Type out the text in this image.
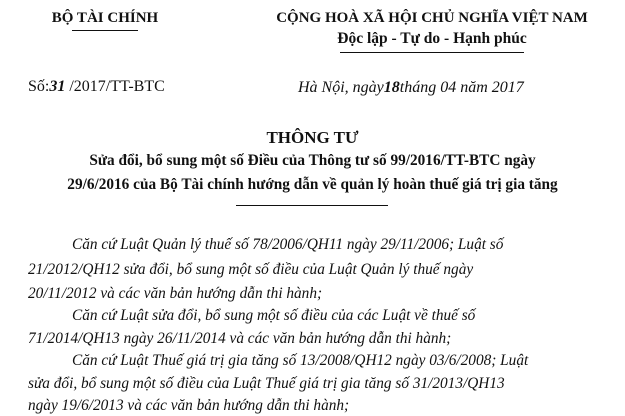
BỘ TÀI CHÍNH	CỘNG HOÀ XÃ HỘI CHỦ NGHĨA VIỆT NAM
Độc lập - Tự do - Hạnh phúc
Số:31 /2017/TT-BTC	Hà Nội, ngày18tháng 04 năm 2017
THÔNG TƯ
Sửa đổi, bổ sung một số Điều của Thông tư số 99/2016/TT-BTC ngày
29/6/2016 của Bộ Tài chính hướng dẫn về quản lý hoàn thuế giá trị gia tăng
Căn cứ Luật Quản lý thuế số 78/2006/QH11 ngày 29/11/2006; Luật số
21/2012/QH12 sửa đổi, bổ sung một số điều của Luật Quản lý thuế ngày
20/11/2012 và các văn bản hướng dẫn thi hành;
Căn cứ Luật sửa đổi, bổ sung một số điều của các Luật về thuế số
71/2014/QH13 ngày 26/11/2014 và các văn bản hướng dẫn thi hành;
Căn cứ Luật Thuế giá trị gia tăng số 13/2008/QH12 ngày 03/6/2008; Luật
sửa đổi, bổ sung một số điều của Luật Thuế giá trị gia tăng số 31/2013/QH13
ngày 19/6/2013 và các văn bản hướng dẫn thi hành;
